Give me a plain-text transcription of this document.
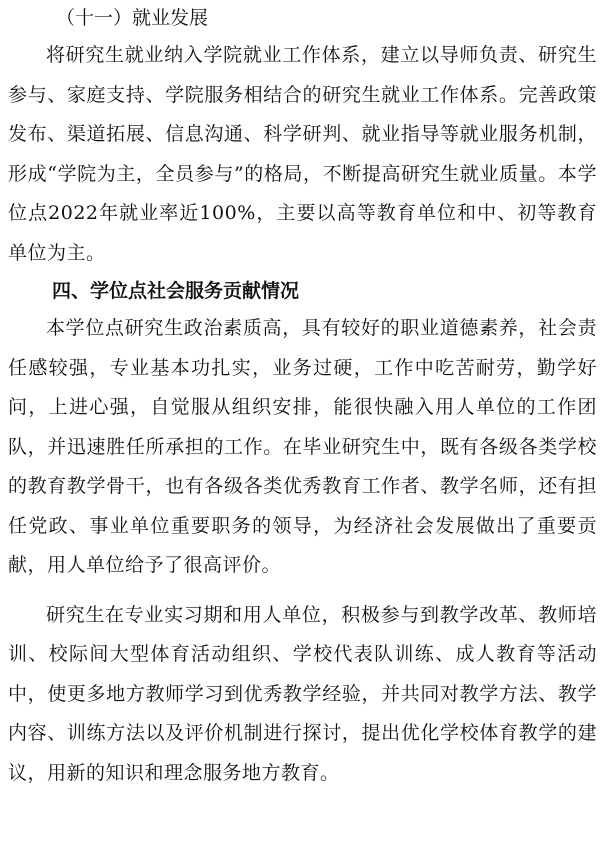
（十一）就业发展

将研究生就业纳入学院就业工作体系，建立以导师负责、研究生参与、家庭支持、学院服务相结合的研究生就业工作体系。完善政策发布、渠道拓展、信息沟通、科学研判、就业指导等就业服务机制，形成“学院为主，全员参与”的格局，不断提高研究生就业质量。本学位点2022年就业率近100%，主要以高等教育单位和中、初等教育单位为主。

四、学位点社会服务贡献情况

本学位点研究生政治素质高，具有较好的职业道德素养，社会责任感较强，专业基本功扎实，业务过硬，工作中吃苦耐劳，勤学好问，上进心强，自觉服从组织安排，能很快融入用人单位的工作团队，并迅速胜任所承担的工作。在毕业研究生中，既有各级各类学校的教育教学骨干，也有各级各类优秀教育工作者、教学名师，还有担任党政、事业单位重要职务的领导，为经济社会发展做出了重要贡献，用人单位给予了很高评价。

研究生在专业实习期和用人单位，积极参与到教学改革、教师培训、校际间大型体育活动组织、学校代表队训练、成人教育等活动中，使更多地方教师学习到优秀教学经验，并共同对教学方法、教学内容、训练方法以及评价机制进行探讨，提出优化学校体育教学的建议，用新的知识和理念服务地方教育。
